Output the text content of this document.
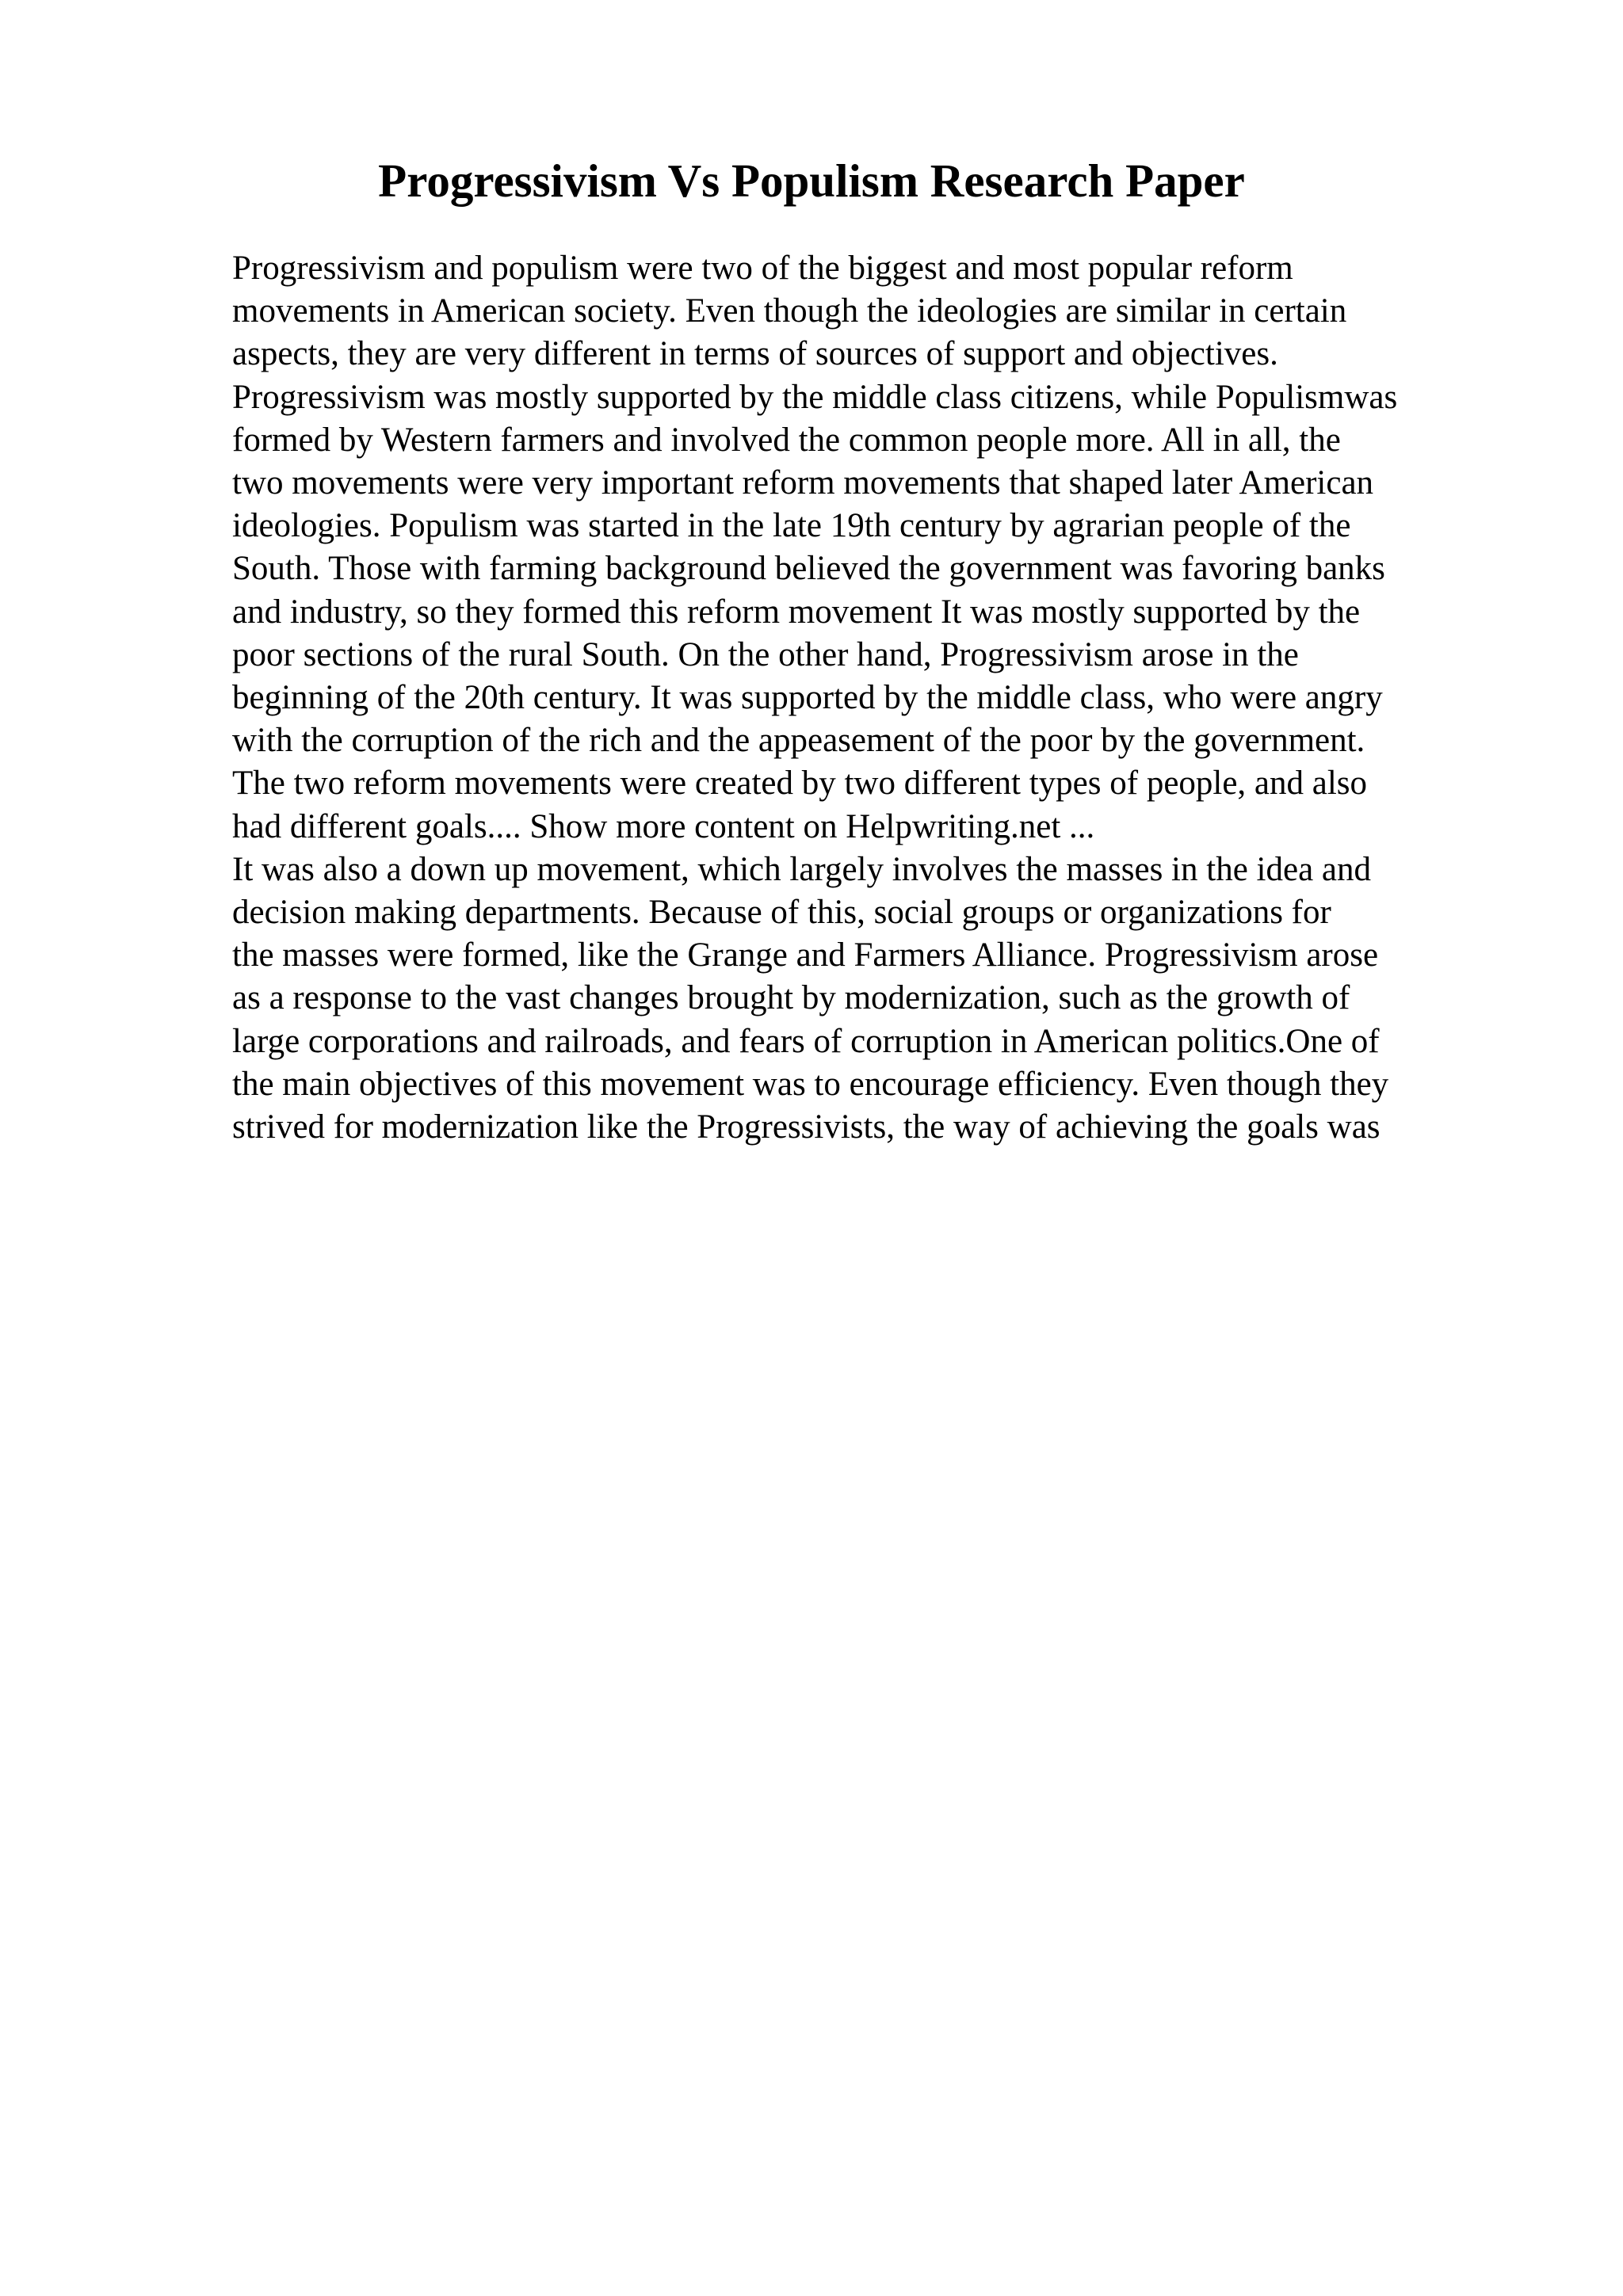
Progressivism Vs Populism Research Paper
Progressivism and populism were two of the biggest and most popular reform
movements in American society. Even though the ideologies are similar in certain
aspects, they are very different in terms of sources of support and objectives.
Progressivism was mostly supported by the middle class citizens, while Populismwas
formed by Western farmers and involved the common people more. All in all, the
two movements were very important reform movements that shaped later American
ideologies. Populism was started in the late 19th century by agrarian people of the
South. Those with farming background believed the government was favoring banks
and industry, so they formed this reform movement It was mostly supported by the
poor sections of the rural South. On the other hand, Progressivism arose in the
beginning of the 20th century. It was supported by the middle class, who were angry
with the corruption of the rich and the appeasement of the poor by the government.
The two reform movements were created by two different types of people, and also
had different goals.... Show more content on Helpwriting.net ...
It was also a down up movement, which largely involves the masses in the idea and
decision making departments. Because of this, social groups or organizations for
the masses were formed, like the Grange and Farmers Alliance. Progressivism arose
as a response to the vast changes brought by modernization, such as the growth of
large corporations and railroads, and fears of corruption in American politics.One of
the main objectives of this movement was to encourage efficiency. Even though they
strived for modernization like the Progressivists, the way of achieving the goals was
